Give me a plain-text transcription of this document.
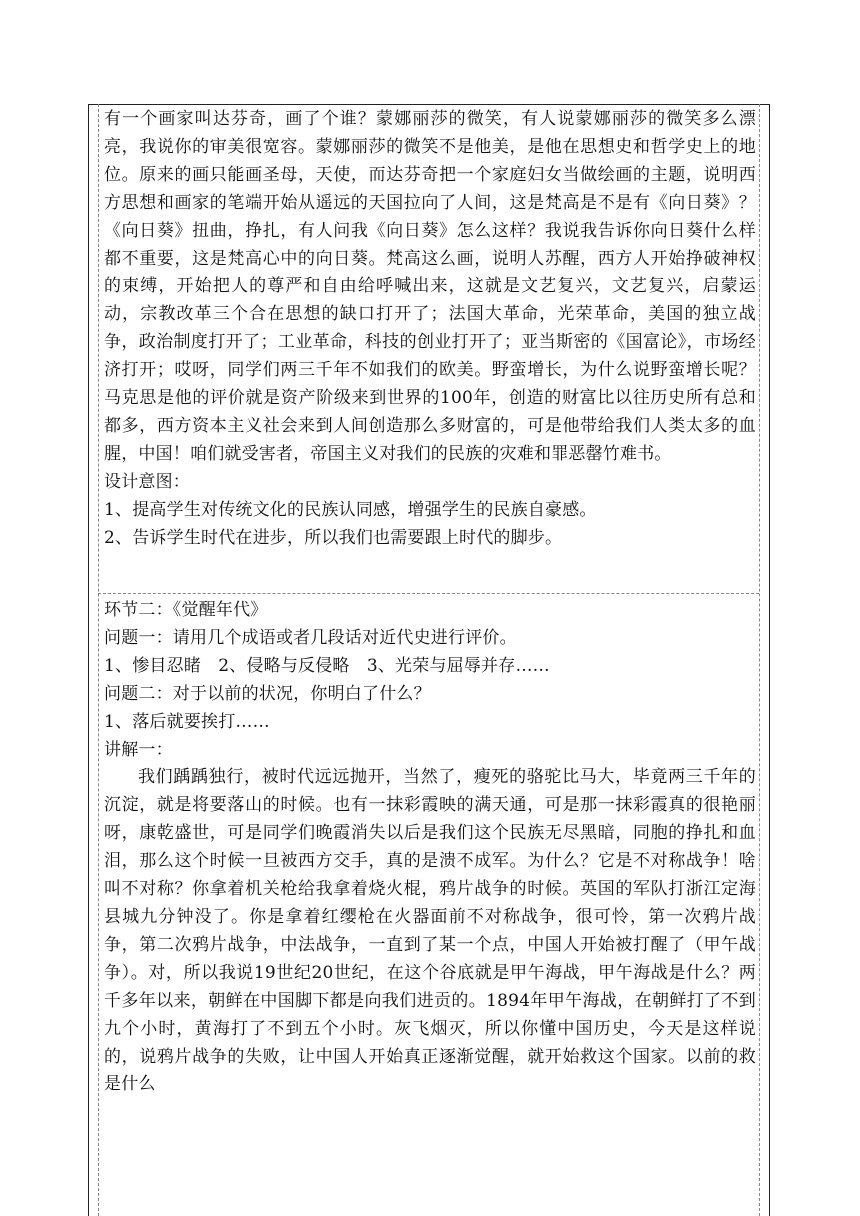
有一个画家叫达芬奇，画了个谁？蒙娜丽莎的微笑，有人说蒙娜丽莎的微笑多么漂亮，我说你的审美很宽容。蒙娜丽莎的微笑不是他美，是他在思想史和哲学史上的地位。原来的画只能画圣母，天使，而达芬奇把一个家庭妇女当做绘画的主题，说明西方思想和画家的笔端开始从遥远的天国拉向了人间，这是梵高是不是有《向日葵》？《向日葵》扭曲，挣扎，有人问我《向日葵》怎么这样？我说我告诉你向日葵什么样都不重要，这是梵高心中的向日葵。梵高这么画，说明人苏醒，西方人开始挣破神权的束缚，开始把人的尊严和自由给呼喊出来，这就是文艺复兴，文艺复兴，启蒙运动，宗教改革三个合在思想的缺口打开了；法国大革命，光荣革命，美国的独立战争，政治制度打开了；工业革命，科技的创业打开了；亚当斯密的《国富论》，市场经济打开；哎呀，同学们两三千年不如我们的欧美。野蛮增长，为什么说野蛮增长呢？马克思是他的评价就是资产阶级来到世界的100年，创造的财富比以往历史所有总和都多，西方资本主义社会来到人间创造那么多财富的，可是他带给我们人类太多的血腥，中国！咱们就受害者，帝国主义对我们的民族的灾难和罪恶罄竹难书。

设计意图：

1、提高学生对传统文化的民族认同感，增强学生的民族自豪感。

2、告诉学生时代在进步，所以我们也需要跟上时代的脚步。

环节二：《觉醒年代》

问题一：请用几个成语或者几段话对近代史进行评价。

1、惨目忍睹　2、侵略与反侵略　3、光荣与屈辱并存……

问题二：对于以前的状况，你明白了什么？

1、落后就要挨打……

讲解一：

我们踽踽独行，被时代远远抛开，当然了，瘦死的骆驼比马大，毕竟两三千年的沉淀，就是将要落山的时候。也有一抹彩霞映的满天通，可是那一抹彩霞真的很艳丽呀，康乾盛世，可是同学们晚霞消失以后是我们这个民族无尽黑暗，同胞的挣扎和血泪，那么这个时候一旦被西方交手，真的是溃不成军。为什么？它是不对称战争！啥叫不对称？你拿着机关枪给我拿着烧火棍，鸦片战争的时候。英国的军队打浙江定海县城九分钟没了。你是拿着红缨枪在火器面前不对称战争，很可怜，第一次鸦片战争，第二次鸦片战争，中法战争，一直到了某一个点，中国人开始被打醒了（甲午战争）。对，所以我说19世纪20世纪，在这个谷底就是甲午海战，甲午海战是什么？两千多年以来，朝鲜在中国脚下都是向我们进贡的。1894年甲午海战，在朝鲜打了不到九个小时，黄海打了不到五个小时。灰飞烟灭，所以你懂中国历史，今天是这样说的，说鸦片战争的失败，让中国人开始真正逐渐觉醒，就开始救这个国家。以前的救是什么
